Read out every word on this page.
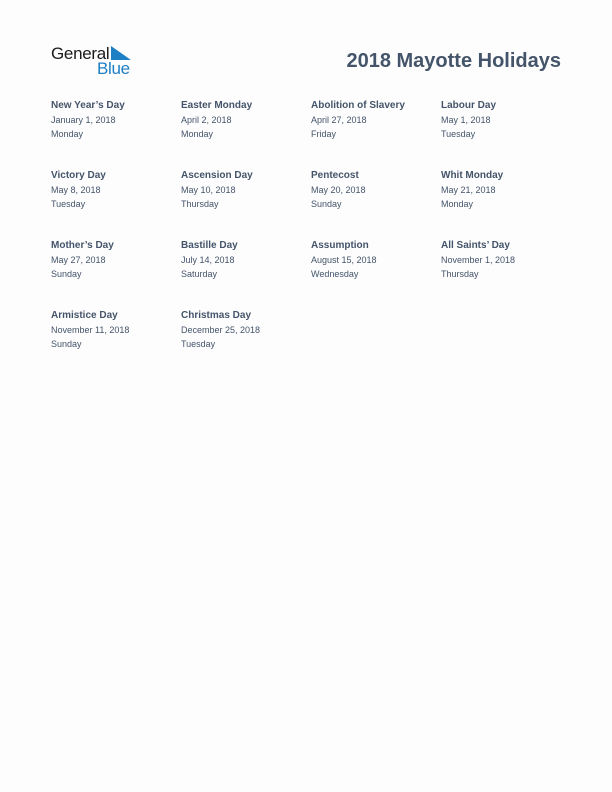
General
Blue	2018 Mayotte Holidays
New Year’s Day
January 1, 2018
Monday
Easter Monday
April 2, 2018
Monday
Abolition of Slavery
April 27, 2018
Friday
Labour Day
May 1, 2018
Tuesday
Victory Day
May 8, 2018
Tuesday
Ascension Day
May 10, 2018
Thursday
Pentecost
May 20, 2018
Sunday
Whit Monday
May 21, 2018
Monday
Mother’s Day
May 27, 2018
Sunday
Bastille Day
July 14, 2018
Saturday
Assumption
August 15, 2018
Wednesday
All Saints’ Day
November 1, 2018
Thursday
Armistice Day
November 11, 2018
Sunday
Christmas Day
December 25, 2018
Tuesday
